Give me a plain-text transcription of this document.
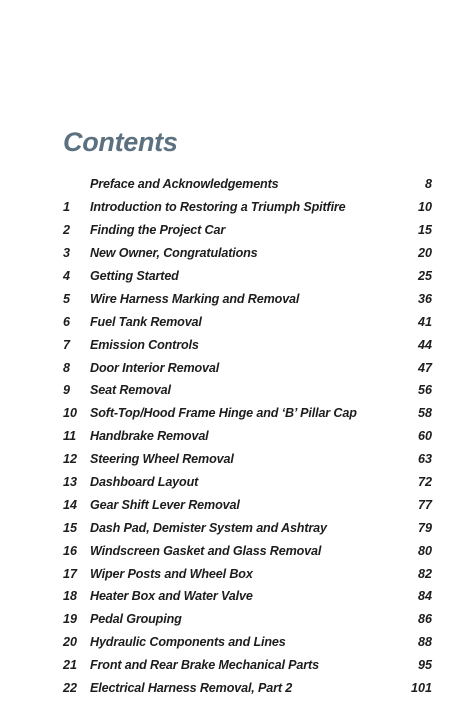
Contents
Preface and Acknowledgements	8
1	Introduction to Restoring a Triumph Spitfire	10
2	Finding the Project Car	15
3	New Owner, Congratulations	20
4	Getting Started	25
5	Wire Harness Marking and Removal	36
6	Fuel Tank Removal	41
7	Emission Controls	44
8	Door Interior Removal	47
9	Seat Removal	56
10	Soft-Top/Hood Frame Hinge and ‘B’ Pillar Cap	58
11	Handbrake Removal	60
12	Steering Wheel Removal	63
13	Dashboard Layout	72
14	Gear Shift Lever Removal	77
15	Dash Pad, Demister System and Ashtray	79
16	Windscreen Gasket and Glass Removal	80
17	Wiper Posts and Wheel Box	82
18	Heater Box and Water Valve	84
19	Pedal Grouping	86
20	Hydraulic Components and Lines	88
21	Front and Rear Brake Mechanical Parts	95
22	Electrical Harness Removal, Part 2	101
